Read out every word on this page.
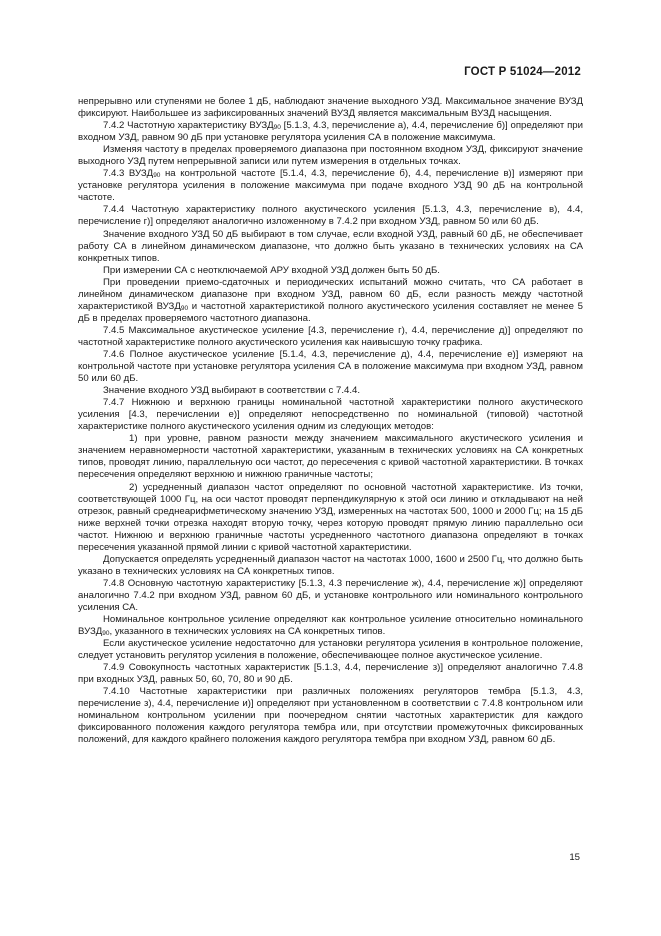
ГОСТ Р 51024—2012

непрерывно или ступенями не более 1 дБ, наблюдают значение выходного УЗД. Максимальное значение ВУЗД фиксируют. Наибольшее из зафиксированных значений ВУЗД является максимальным ВУЗД насыщения.

7.4.2 Частотную характеристику $ВУЗД_{90}$ [5.1.3, 4.3, перечисление а), 4.4, перечисление б)] определяют при входном УЗД, равном 90 дБ при установке регулятора усиления СА в положение максимума.

Изменяя частоту в пределах проверяемого диапазона при постоянном входном УЗД, фиксируют значение выходного УЗД путем непрерывной записи или путем измерения в отдельных точках.

7.4.3 $ВУЗД_{90}$ на контрольной частоте [5.1.4, 4.3, перечисление б), 4.4, перечисление в)] измеряют при установке регулятора усиления в положение максимума при подаче входного УЗД 90 дБ на контрольной частоте.

7.4.4 Частотную характеристику полного акустического усиления [5.1.3, 4.3, перечисление в), 4.4, перечисление г)] определяют аналогично изложенному в 7.4.2 при входном УЗД, равном 50 или 60 дБ.

Значение входного УЗД 50 дБ выбирают в том случае, если входной УЗД, равный 60 дБ, не обеспечивает работу СА в линейном динамическом диапазоне, что должно быть указано в технических условиях на СА конкретных типов.

При измерении СА с неотключаемой АРУ входной УЗД должен быть 50 дБ.

При проведении приемо-сдаточных и периодических испытаний можно считать, что СА работает в линейном динамическом диапазоне при входном УЗД, равном 60 дБ, если разность между частотной характеристикой $ВУЗД_{90}$ и частотной характеристикой полного акустического усиления составляет не менее 5 дБ в пределах проверяемого частотного диапазона.

7.4.5 Максимальное акустическое усиление [4.3, перечисление г), 4.4, перечисление д)] определяют по частотной характеристике полного акустического усиления как наивысшую точку графика.

7.4.6 Полное акустическое усиление [5.1.4, 4.3, перечисление д), 4.4, перечисление е)] измеряют на контрольной частоте при установке регулятора усиления СА в положение максимума при входном УЗД, равном 50 или 60 дБ.

Значение входного УЗД выбирают в соответствии с 7.4.4.

7.4.7 Нижнюю и верхнюю границы номинальной частотной характеристики полного акустического усиления [4.3, перечислении е)] определяют непосредственно по номинальной (типовой) частотной характеристике полного акустического усиления одним из следующих методов:

1) при уровне, равном разности между значением максимального акустического усиления и значением неравномерности частотной характеристики, указанным в технических условиях на СА конкретных типов, проводят линию, параллельную оси частот, до пересечения с кривой частотной характеристики. В точках пересечения определяют верхнюю и нижнюю граничные частоты;

2) усредненный диапазон частот определяют по основной частотной характеристике. Из точки, соответствующей 1000 Гц, на оси частот проводят перпендикулярную к этой оси линию и откладывают на ней отрезок, равный среднеарифметическому значению УЗД, измеренных на частотах 500, 1000 и 2000 Гц; на 15 дБ ниже верхней точки отрезка находят вторую точку, через которую проводят прямую линию параллельно оси частот. Нижнюю и верхнюю граничные частоты усредненного частотного диапазона определяют в точках пересечения указанной прямой линии с кривой частотной характеристики.

Допускается определять усредненный диапазон частот на частотах 1000, 1600 и 2500 Гц, что должно быть указано в технических условиях на СА конкретных типов.

7.4.8 Основную частотную характеристику [5.1.3, 4.3 перечисление ж), 4.4, перечисление ж)] определяют аналогично 7.4.2 при входном УЗД, равном 60 дБ, и установке контрольного или номинального контрольного усиления СА.

Номинальное контрольное усиление определяют как контрольное усиление относительно номинального $ВУЗД_{90}$, указанного в технических условиях на СА конкретных типов.

Если акустическое усиление недостаточно для установки регулятора усиления в контрольное положение, следует установить регулятор усиления в положение, обеспечивающее полное акустическое усиление.

7.4.9 Совокупность частотных характеристик [5.1.3, 4.4, перечисление з)] определяют аналогично 7.4.8 при входных УЗД, равных 50, 60, 70, 80 и 90 дБ.

7.4.10 Частотные характеристики при различных положениях регуляторов тембра [5.1.3, 4.3, перечисление з), 4.4, перечисление и)] определяют при установленном в соответствии с 7.4.8 контрольном или номинальном контрольном усилении при поочередном снятии частотных характеристик для каждого фиксированного положения каждого регулятора тембра или, при отсутствии промежуточных фиксированных положений, для каждого крайнего положения каждого регулятора тембра при входном УЗД, равном 60 дБ.

15
